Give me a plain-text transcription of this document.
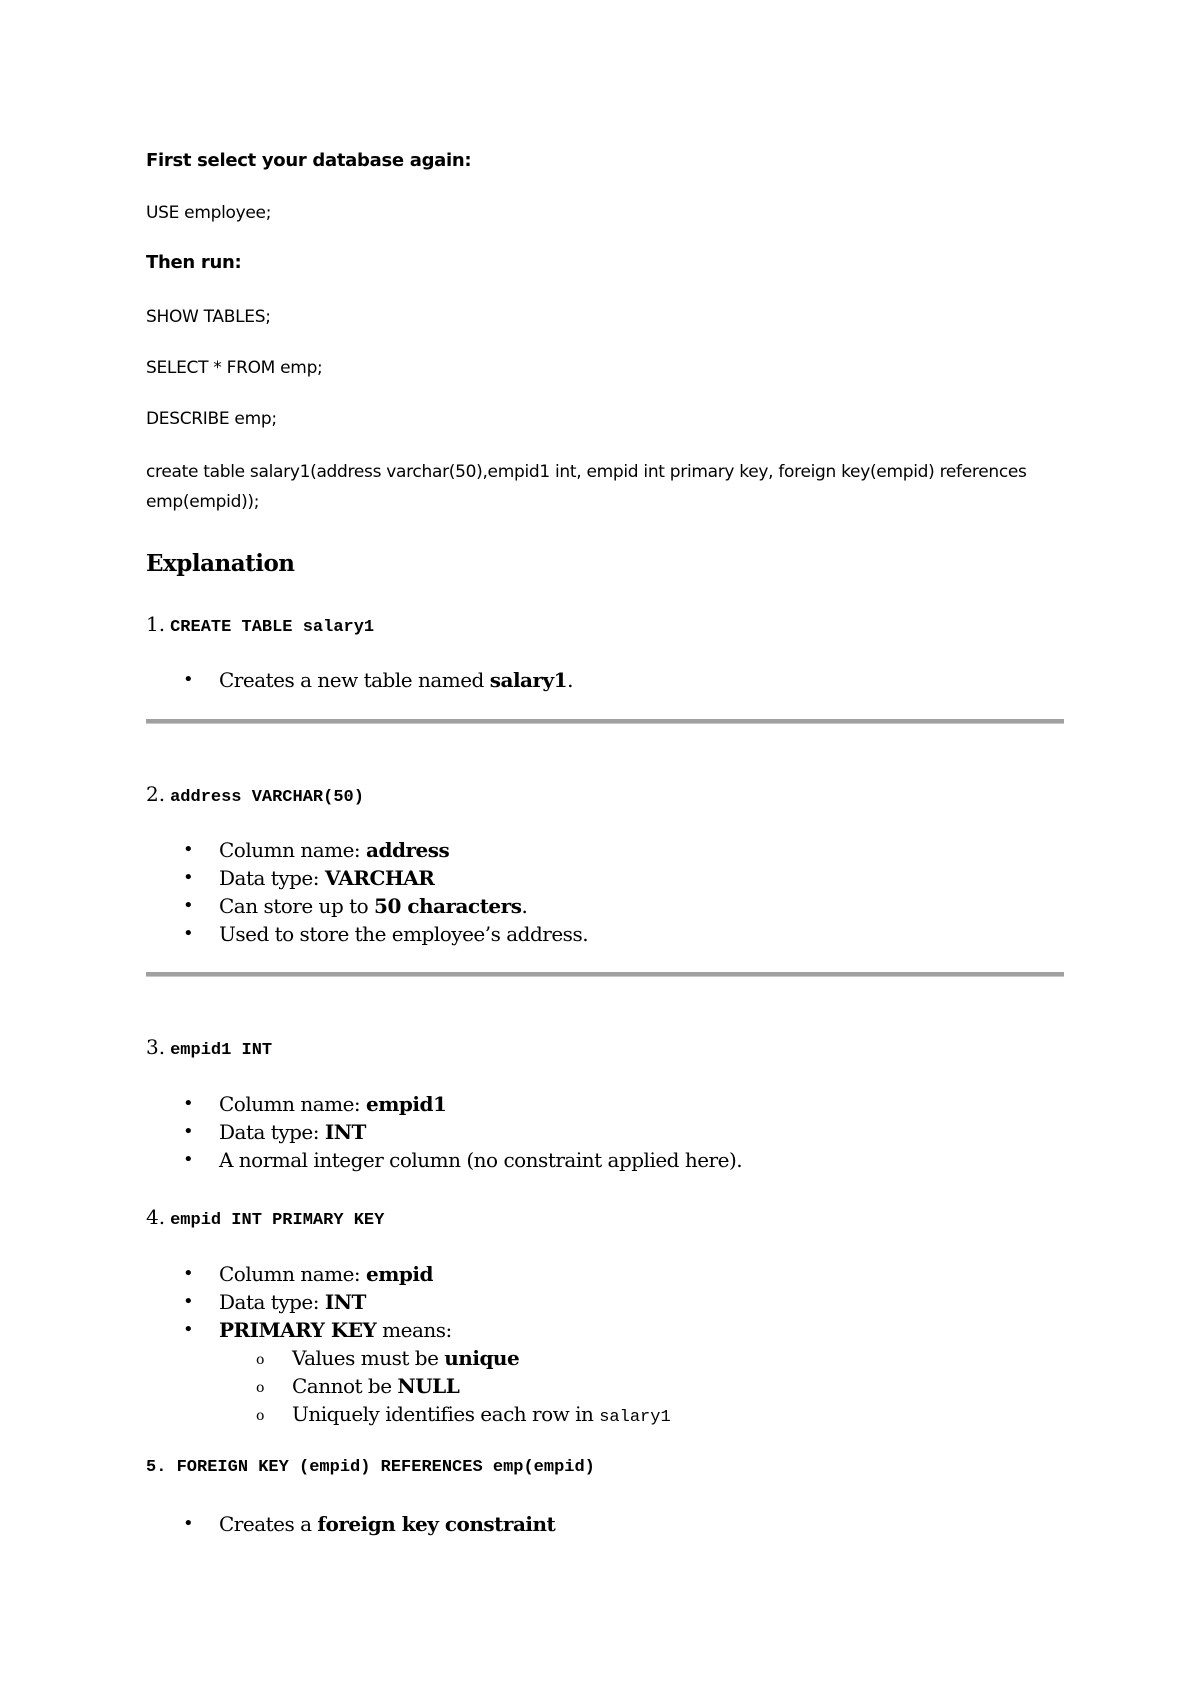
First select your database again:
USE employee;
Then run:
SHOW TABLES;
SELECT * FROM emp;
DESCRIBE emp;
create table salary1(address varchar(50),empid1 int, empid int primary key, foreign key(empid) references emp(empid));
Explanation
1. CREATE TABLE salary1
• Creates a new table named salary1.
2. address VARCHAR(50)
• Column name: address
• Data type: VARCHAR
• Can store up to 50 characters.
• Used to store the employee’s address.
3. empid1 INT
• Column name: empid1
• Data type: INT
• A normal integer column (no constraint applied here).
4. empid INT PRIMARY KEY
• Column name: empid
• Data type: INT
• PRIMARY KEY means:
o Values must be unique
o Cannot be NULL
o Uniquely identifies each row in salary1
5. FOREIGN KEY (empid) REFERENCES emp(empid)
• Creates a foreign key constraint
